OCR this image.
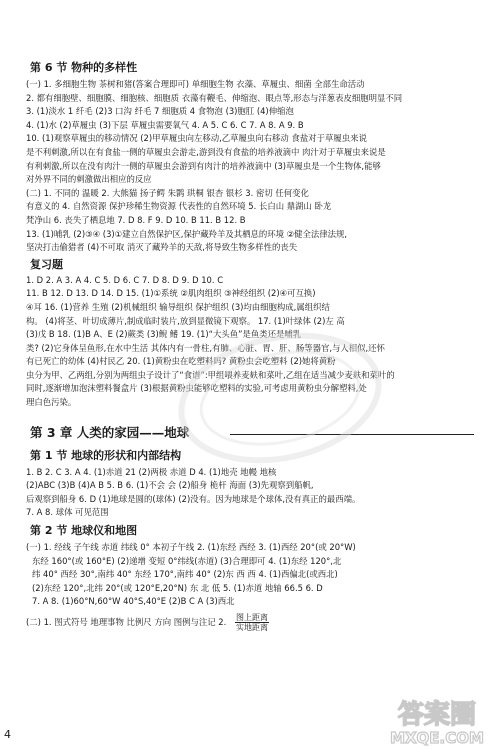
第 6 节 物种的多样性
(一) 1. 多细胞生物 茶树和猪(答案合理即可) 单细胞生物 衣藻、草履虫、细菌 全部生命活动
2. 都有细胞壁、细胞膜、细胞核、细胞质 衣藻有鞭毛、伸缩泡、眼点等,形态与洋葱表皮细胞明显不同
3. (1)淡水 1 纤毛 (2)3 口沟 纤毛 7 细胞质 4 食物泡 (3)胞肛 (4)伸缩泡
4. (1)水 (2)草履虫 (3)下层 草履虫需要氧气 4. A 5. C 6. C 7. A 8. A 9. B
10. (1)观察草履虫的移动情况 (2)甲草履虫向左移动,乙草履虫向右移动 食盐对于草履虫来说
是不利刺激,所以在有食盐一侧的草履虫会游走,游到没有食盐的培养液滴中 肉汁对于草履虫来说是
有利刺激,所以在没有肉汁一侧的草履虫会游到有肉汁的培养液滴中 (3)草履虫是一个生物体,能够
对外界不同的刺激做出相应的反应
(二) 1. 不同的 温暖 2. 大熊猫 扬子鳄 朱鹮 珙桐 银杏 银杉 3. 密切 任何变化
有意义的 4. 自然资源 保护珍稀生物资源 代表性的自然环境 5. 长白山 鼎湖山 卧龙
梵净山 6. 丧失了栖息地 7. D 8. F 9. D 10. B 11. B 12. B
13. (1)哺乳 (2)③④ (3)①建立自然保护区,保护藏羚羊及其栖息的环境 ②健全法律法规,
坚决打击偷猎者 (4)不可取 消灭了藏羚羊的天敌,将导致生物多样性的丧失
复习题
1. D 2. A 3. A 4. C 5. D 6. C 7. D 8. D 9. D 10. C
11. B 12. D 13. D 14. D 15. (1)①系统 ②肌肉组织 ③神经组织 (2)④可互换)
④耳 16. (1)营养 生殖 (2)机械组织 输导组织 保护组织 (3)均由细胞构成,属组织结
构。 (4)将茎、叶切成薄片,制成临时装片,放到显微镜下观察。 17. (1)叶绿体 (2)左 高
(3)戊 B 18. (1)B A、E (2)蕨类 (3)鲵 鳍 19. (1)“大头鱼”是鱼类还是哺乳
类? (2)它身体呈鱼形,在水中生活 其体内有一骨柱,有肺、心脏、胃、肝、肠等器官,与人相似,还怀
有已死亡的幼体 (4)村民乙 20. (1)黄粉虫在吃塑料吗? 黄粉虫会吃塑料 (2)她将黄粉
虫分为甲、乙两组,分别为两组虫子设计了“食谱”:甲组喂养麦麸和菜叶,乙组在适当减少麦麸和菜叶的
同时,逐渐增加泡沫塑料餐盒片 (3)根据黄粉虫能够吃塑料的实验,可考虑用黄粉虫分解塑料,处
理白色污染。
第 3 章 人类的家园——地球
第 1 节 地球的形状和内部结构
1. B 2. C 3. A 4. (1)赤道 21 (2)两极 赤道 D 4. (1)地壳 地幔 地核
(2)ABC (3)B (4)A B 5. B 6. (1)不会 会 (2)船身 桅杆 海面 (3)先观察到船帆,
后观察到船身 6. D (1)地球是圆的(球体) (2)没有。因为地球是个球体,没有真正的最西端。
7. A 8. 球体 可见范围
第 2 节 地球仪和地图
(一) 1. 经线 子午线 赤道 纬线 0° 本初子午线 2. (1)东经 西经 3. (1)西经 20°(或 20°W)
东经 160°(或 160°E) (2)递增 变短 0°纬线(赤道) (3)合理即可 4. (1)东经 120°,北
纬 40° 西经 30°,南纬 40° 东经 170°,南纬 40° (2)东 西 西 4. (1)西偏北(或西北)
(2)东经 120°,北纬 20°(或 120°E,20°N) 东 北 低 5. (1)赤道 地轴 66.5 6. D
7. A 8. (1)60°N,60°W 40°S,40°E (2)B C A (3)西北
(二) 1. 图式符号 地理事物 比例尺 方向 图例与注记 2. $\frac{\text{图上距离}}{\text{实地距离}}$
答案圈
MXQE.COM
4
